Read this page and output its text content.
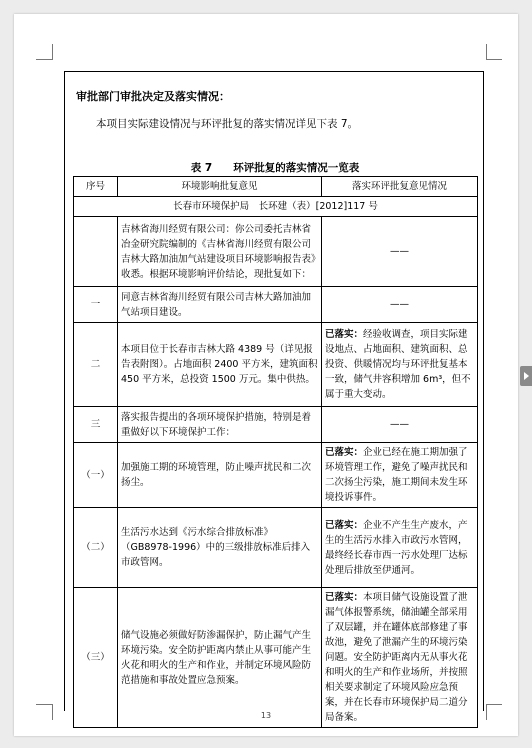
审批部门审批决定及落实情况：
本项目实际建设情况与环评批复的落实情况详见下表 7。
表 7　　环评批复的落实情况一览表
序号	环境影响批复意见	落实环评批复意见情况
长春市环境保护局　长环建（表）[2012]117 号		
	吉林省海川经贸有限公司：你公司委托吉林省冶金研究院编制的《吉林省海川经贸有限公司吉林大路加油加气站建设项目环境影响报告表》收悉。根据环境影响评价结论，现批复如下：	——
一	同意吉林省海川经贸有限公司吉林大路加油加气站项目建设。	——
二	本项目位于长春市吉林大路 4389 号（详见报告表附图）。占地面积 2400 平方米，建筑面积 450 平方米，总投资 1500 万元。集中供热。	已落实：经验收调查，项目实际建设地点、占地面积、建筑面积、总投资、供暖情况均与环评批复基本一致，储气井容积增加 6m³，但不属于重大变动。
三	落实报告提出的各项环境保护措施，特别是着重做好以下环境保护工作：	——
（一）	加强施工期的环境管理，防止噪声扰民和二次扬尘。	已落实：企业已经在施工期加强了环境管理工作，避免了噪声扰民和二次扬尘污染，施工期间未发生环境投诉事件。
（二）	生活污水达到《污水综合排放标准》（GB8978-1996）中的三级排放标准后排入市政管网。	已落实：企业不产生生产废水，产生的生活污水排入市政污水管网，最终经长春市西一污水处理厂达标处理后排放至伊通河。
（三）	储气设施必须做好防渗漏保护，防止漏气产生环境污染。安全防护距离内禁止从事可能产生火花和明火的生产和作业，并制定环境风险防范措施和事故处置应急预案。	已落实：本项目储气设施设置了泄漏气体报警系统，储油罐全部采用了双层罐，并在罐体底部修建了事故池，避免了泄漏产生的环境污染问题。安全防护距离内无从事火花和明火的生产和作业场所，并按照相关要求制定了环境风险应急预案，并在长春市环境保护局二道分局备案。
13
